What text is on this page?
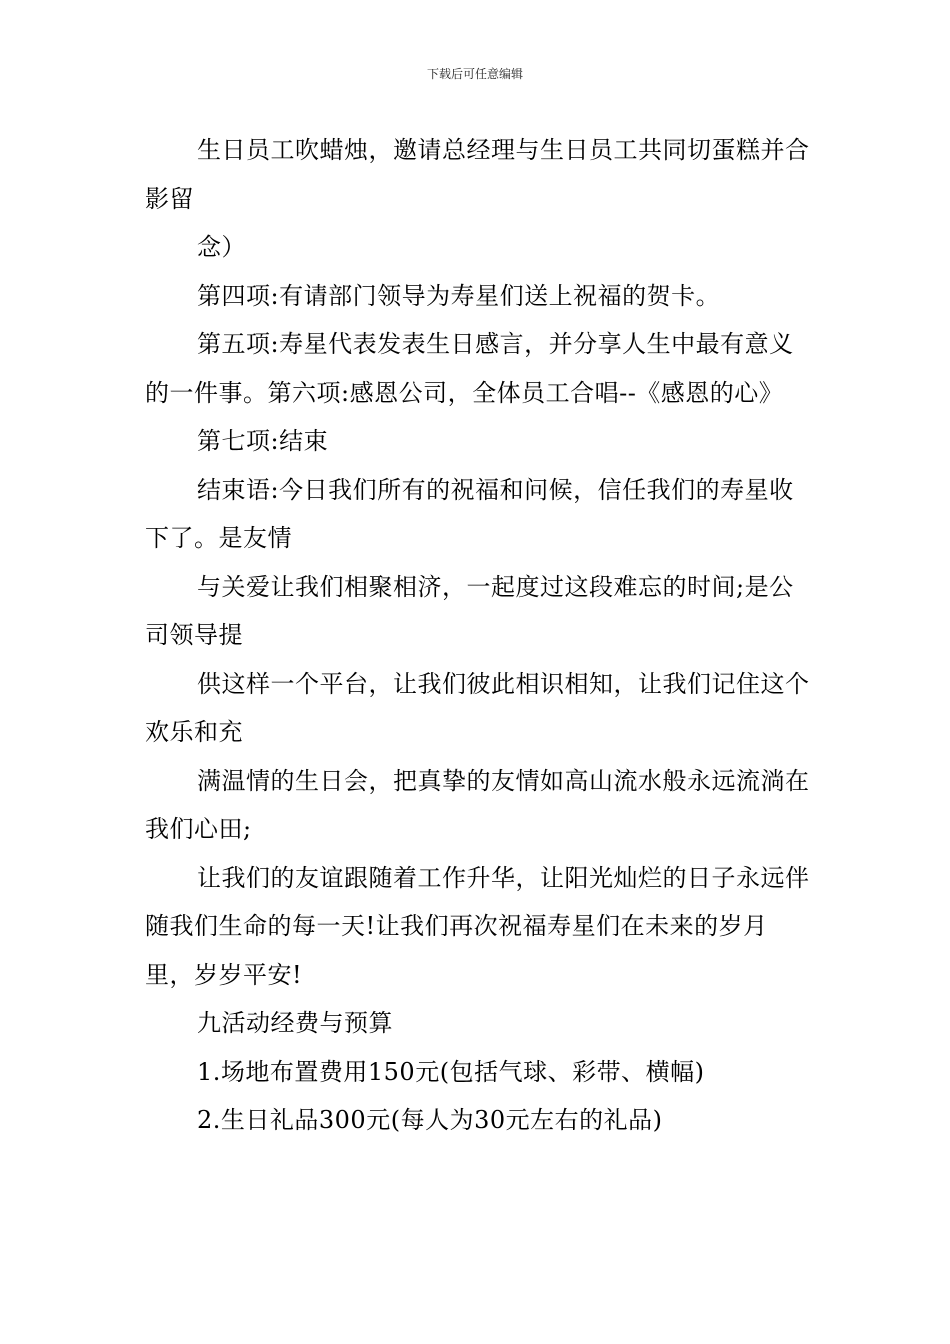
下载后可任意编辑

生日员工吹蜡烛，邀请总经理与生日员工共同切蛋糕并合影留

念）

第四项:有请部门领导为寿星们送上祝福的贺卡。

第五项:寿星代表发表生日感言，并分享人生中最有意义的一件事。第六项:感恩公司，全体员工合唱--《感恩的心》

第七项:结束

结束语:今日我们所有的祝福和问候，信任我们的寿星收下了。是友情

与关爱让我们相聚相济，一起度过这段难忘的时间;是公司领导提

供这样一个平台，让我们彼此相识相知，让我们记住这个欢乐和充

满温情的生日会，把真挚的友情如高山流水般永远流淌在我们心田;

让我们的友谊跟随着工作升华，让阳光灿烂的日子永远伴随我们生命的每一天!让我们再次祝福寿星们在未来的岁月里，岁岁平安!

九活动经费与预算

1.场地布置费用150元(包括气球、彩带、横幅)

2.生日礼品300元(每人为30元左右的礼品)
